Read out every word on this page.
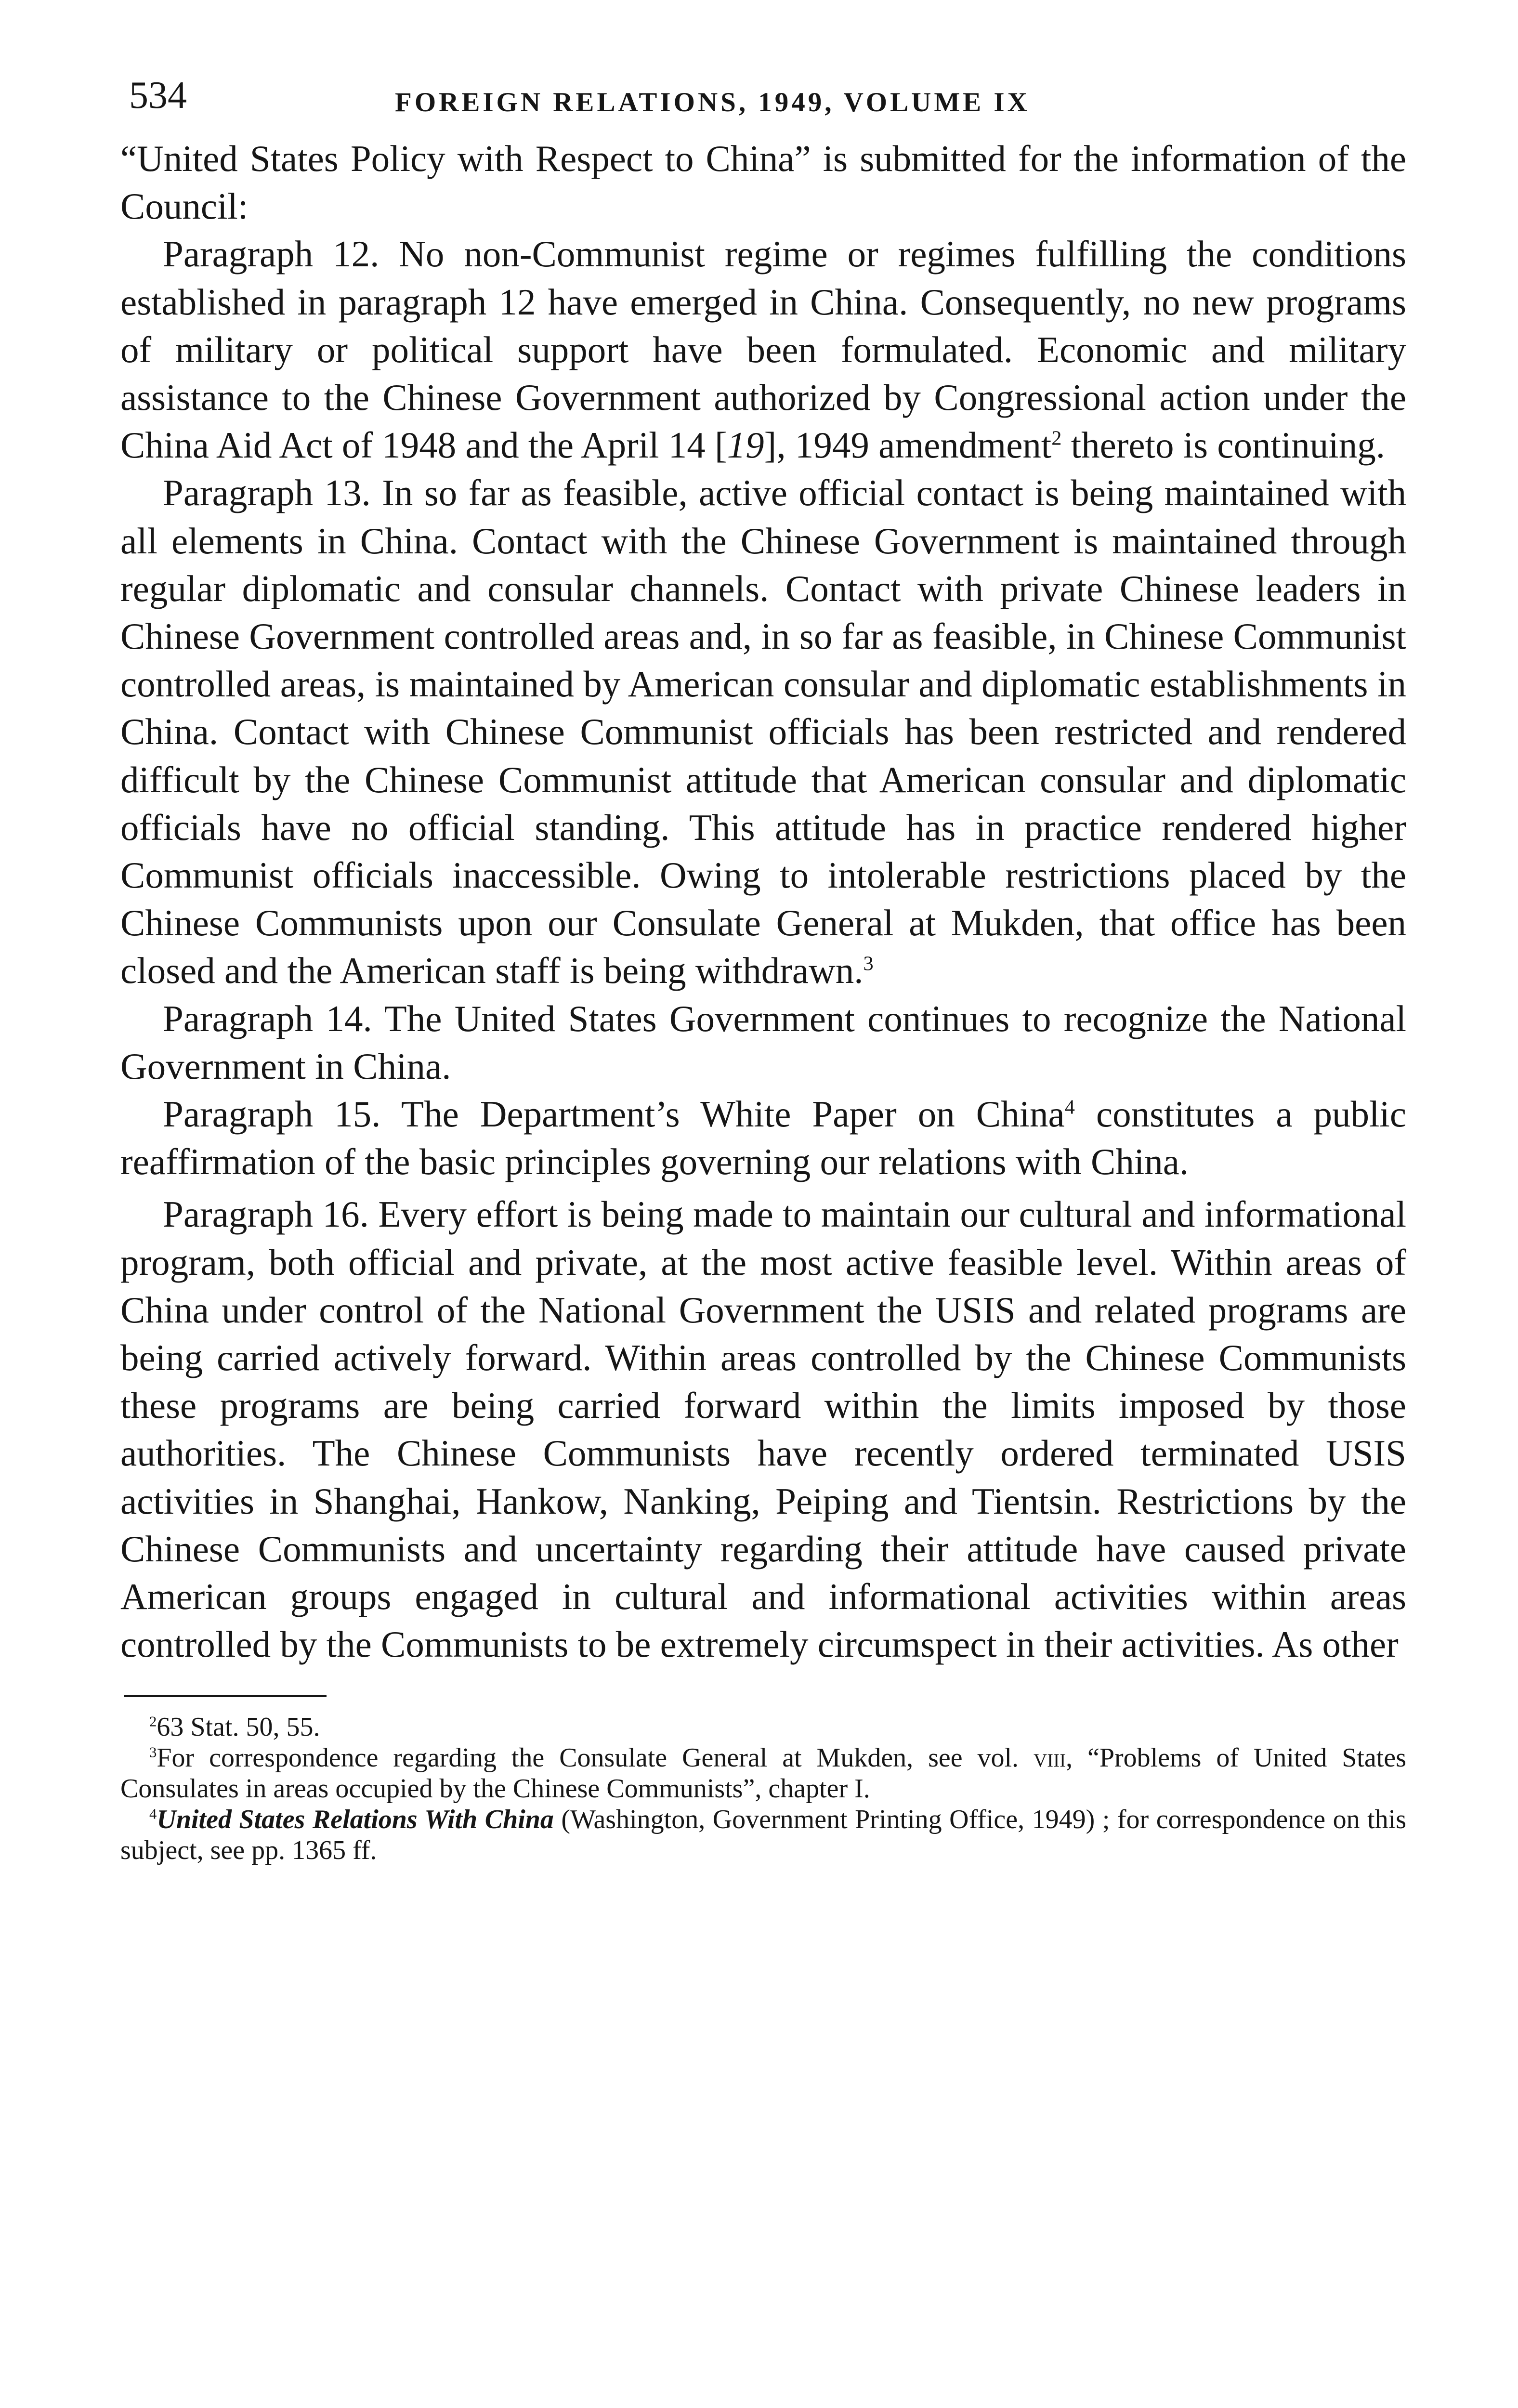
534	FOREIGN RELATIONS, 1949, VOLUME IX

“United States Policy with Respect to China” is submitted for the information of the Council:

Paragraph 12. No non-Communist regime or regimes fulfilling the conditions established in paragraph 12 have emerged in China. Consequently, no new programs of military or political support have been formulated. Economic and military assistance to the Chinese Government authorized by Congressional action under the China Aid Act of 1948 and the April 14 [19], 1949 amendment$^2$ thereto is continuing.

Paragraph 13. In so far as feasible, active official contact is being maintained with all elements in China. Contact with the Chinese Government is maintained through regular diplomatic and consular channels. Contact with private Chinese leaders in Chinese Government controlled areas and, in so far as feasible, in Chinese Communist controlled areas, is maintained by American consular and diplomatic establishments in China. Contact with Chinese Communist officials has been restricted and rendered difficult by the Chinese Communist attitude that American consular and diplomatic officials have no official standing. This attitude has in practice rendered higher Communist officials inaccessible. Owing to intolerable restrictions placed by the Chinese Communists upon our Consulate General at Mukden, that office has been closed and the American staff is being withdrawn.$^3$

Paragraph 14. The United States Government continues to recognize the National Government in China.

Paragraph 15. The Department’s White Paper on China$^4$ constitutes a public reaffirmation of the basic principles governing our relations with China.

Paragraph 16. Every effort is being made to maintain our cultural and informational program, both official and private, at the most active feasible level. Within areas of China under control of the National Government the USIS and related programs are being carried actively forward. Within areas controlled by the Chinese Communists these programs are being carried forward within the limits imposed by those authorities. The Chinese Communists have recently ordered terminated USIS activities in Shanghai, Hankow, Nanking, Peiping and Tientsin. Restrictions by the Chinese Communists and uncertainty regarding their attitude have caused private American groups engaged in cultural and informational activities within areas controlled by the Communists to be extremely circumspect in their activities. As other

$^2$63 Stat. 50, 55.

$^3$For correspondence regarding the Consulate General at Mukden, see vol. viii, “Problems of United States Consulates in areas occupied by the Chinese Communists”, chapter I.

$^4$United States Relations With China (Washington, Government Printing Office, 1949) ; for correspondence on this subject, see pp. 1365 ff.
